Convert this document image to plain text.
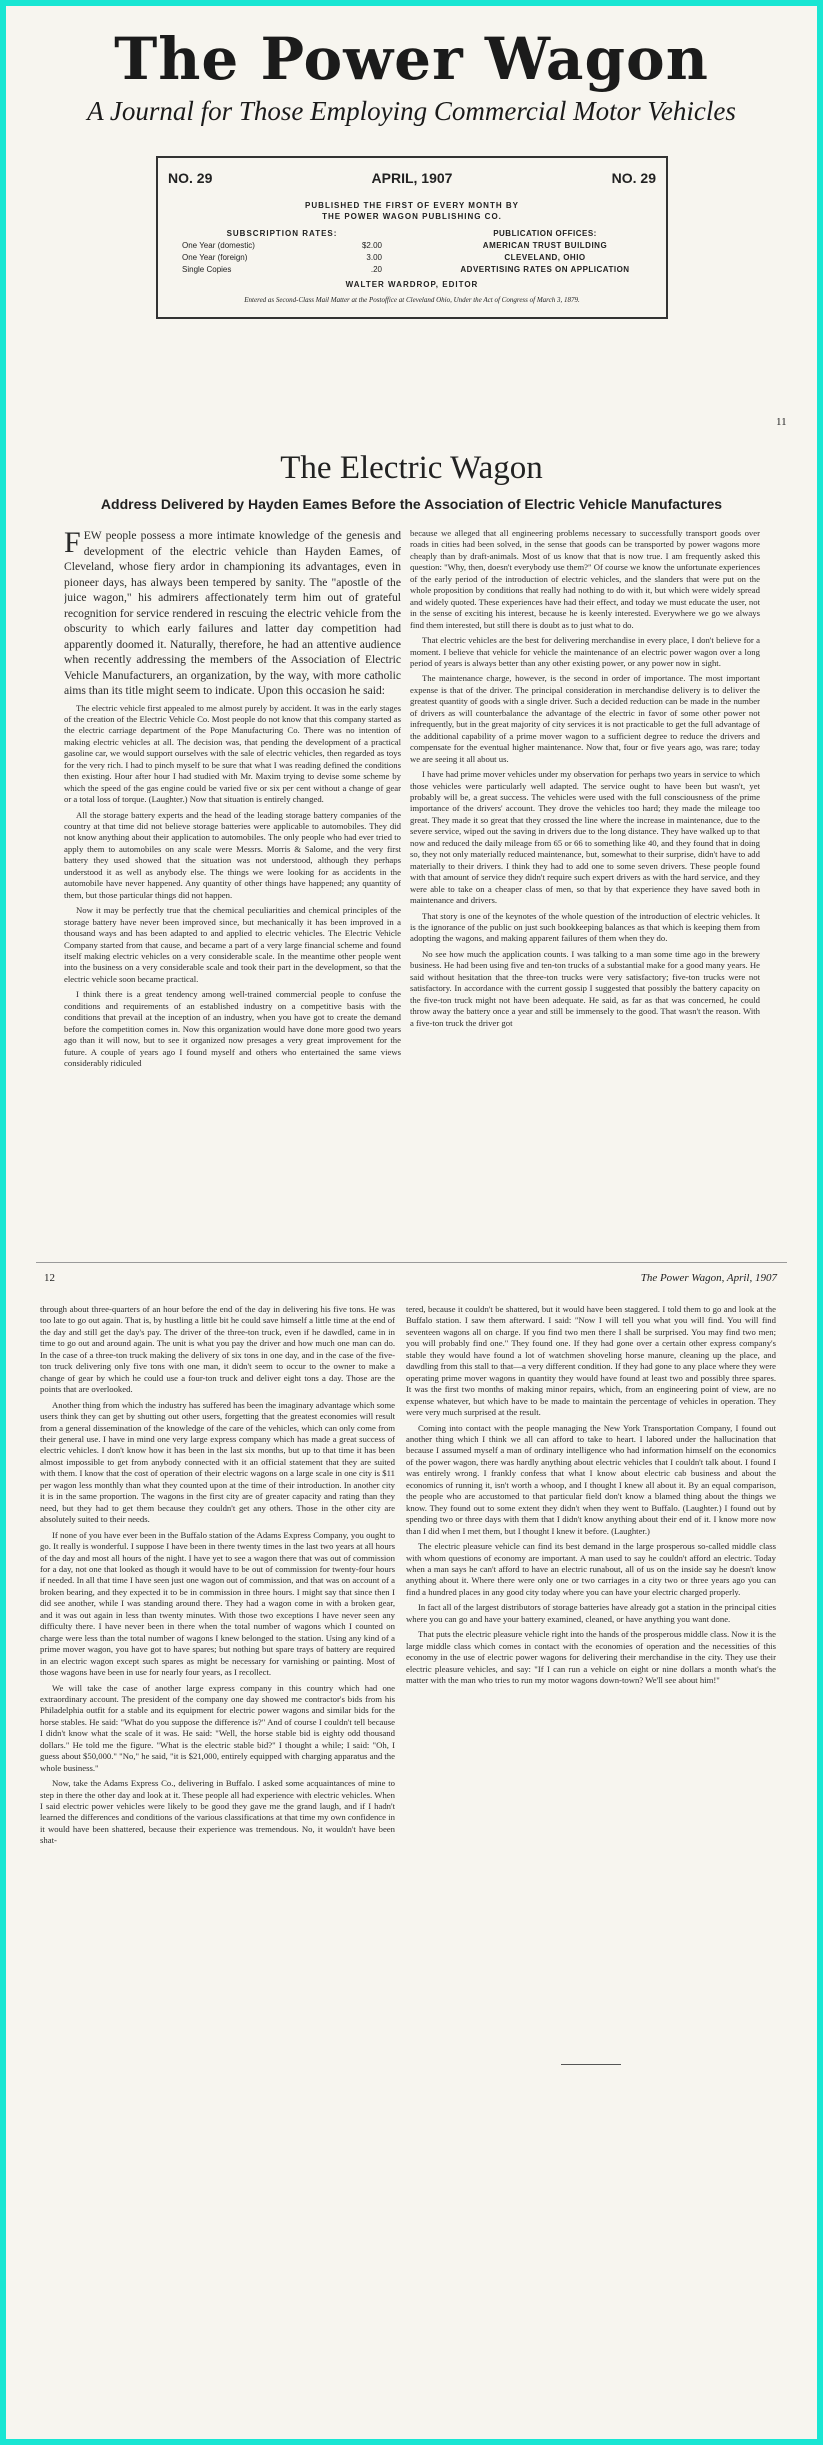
The Power Wagon
A Journal for Those Employing Commercial Motor Vehicles
NO. 29	APRIL, 1907	NO. 29
PUBLISHED THE FIRST OF EVERY MONTH BY
THE POWER WAGON PUBLISHING CO.
SUBSCRIPTION RATES:
One Year (domestic)	$2.00
One Year (foreign)	3.00
Single Copies	.20
PUBLICATION OFFICES:
AMERICAN TRUST BUILDING
CLEVELAND, OHIO
ADVERTISING RATES ON APPLICATION
WALTER WARDROP, EDITOR
Entered as Second-Class Mail Matter at the Postoffice at Cleveland Ohio, Under the Act of Congress of March 3, 1879.
11
The Electric Wagon
Address Delivered by Hayden Eames Before the Association of Electric Vehicle Manufactures

FEW people possess a more intimate knowledge of the genesis and development of the electric vehicle than Hayden Eames, of Cleveland, whose fiery ardor in championing its advantages, even in pioneer days, has always been tempered by sanity. The "apostle of the juice wagon," his admirers affectionately term him out of grateful recognition for service rendered in rescuing the electric vehicle from the obscurity to which early failures and latter day competition had apparently doomed it. Naturally, therefore, he had an attentive audience when recently addressing the members of the Association of Electric Vehicle Manufacturers, an organization, by the way, with more catholic aims than its title might seem to indicate. Upon this occasion he said:

The electric vehicle first appealed to me almost purely by accident. It was in the early stages of the creation of the Electric Vehicle Co. Most people do not know that this company started as the electric carriage department of the Pope Manufacturing Co. There was no intention of making electric vehicles at all. The decision was, that pending the development of a practical gasoline car, we would support ourselves with the sale of electric vehicles, then regarded as toys for the very rich. I had to pinch myself to be sure that what I was reading defined the conditions then existing. Hour after hour I had studied with Mr. Maxim trying to devise some scheme by which the speed of the gas engine could be varied five or six per cent without a change of gear or a total loss of torque. (Laughter.) Now that situation is entirely changed.

All the storage battery experts and the head of the leading storage battery companies of the country at that time did not believe storage batteries were applicable to automobiles. They did not know anything about their application to automobiles. The only people who had ever tried to apply them to automobiles on any scale were Messrs. Morris & Salome, and the very first battery they used showed that the situation was not understood, although they perhaps understood it as well as anybody else. The things we were looking for as accidents in the automobile have never happened. Any quantity of other things have happened; any quantity of them, but those particular things did not happen.

Now it may be perfectly true that the chemical peculiarities and chemical principles of the storage battery have never been improved since, but mechanically it has been improved in a thousand ways and has been adapted to and applied to electric vehicles. The Electric Vehicle Company started from that cause, and became a part of a very large financial scheme and found itself making electric vehicles on a very considerable scale. In the meantime other people went into the business on a very considerable scale and took their part in the development, so that the electric vehicle soon became practical.

I think there is a great tendency among well-trained commercial people to confuse the conditions and requirements of an established industry on a competitive basis with the conditions that prevail at the inception of an industry, when you have got to create the demand before the competition comes in. Now this organization would have done more good two years ago than it will now, but to see it organized now presages a very great improvement for the future. A couple of years ago I found myself and others who entertained the same views considerably ridiculed

because we alleged that all engineering problems necessary to successfully transport goods over roads in cities had been solved, in the sense that goods can be transported by power wagons more cheaply than by draft-animals. Most of us know that that is now true. I am frequently asked this question: "Why, then, doesn't everybody use them?" Of course we know the unfortunate experiences of the early period of the introduction of electric vehicles, and the slanders that were put on the whole proposition by conditions that really had nothing to do with it, but which were widely spread and widely quoted. These experiences have had their effect, and today we must educate the user, not in the sense of exciting his interest, because he is keenly interested. Everywhere we go we always find them interested, but still there is doubt as to just what to do.

That electric vehicles are the best for delivering merchandise in every place, I don't believe for a moment. I believe that vehicle for vehicle the maintenance of an electric power wagon over a long period of years is always better than any other existing power, or any power now in sight.

The maintenance charge, however, is the second in order of importance. The most important expense is that of the driver. The principal consideration in merchandise delivery is to deliver the greatest quantity of goods with a single driver. Such a decided reduction can be made in the number of drivers as will counterbalance the advantage of the electric in favor of some other power not infrequently, but in the great majority of city services it is not practicable to get the full advantage of the additional capability of a prime mover wagon to a sufficient degree to reduce the drivers and compensate for the eventual higher maintenance. Now that, four or five years ago, was rare; today we are seeing it all about us.

I have had prime mover vehicles under my observation for perhaps two years in service to which those vehicles were particularly well adapted. The service ought to have been but wasn't, yet probably will be, a great success. The vehicles were used with the full consciousness of the prime importance of the drivers' account. They drove the vehicles too hard; they made the mileage too great. They made it so great that they crossed the line where the increase in maintenance, due to the severe service, wiped out the saving in drivers due to the long distance. They have walked up to that now and reduced the daily mileage from 65 or 66 to something like 40, and they found that in doing so, they not only materially reduced maintenance, but, somewhat to their surprise, didn't have to add materially to their drivers. I think they had to add one to some seven drivers. These people found with that amount of service they didn't require such expert drivers as with the hard service, and they were able to take on a cheaper class of men, so that by that experience they have saved both in maintenance and drivers.

That story is one of the keynotes of the whole question of the introduction of electric vehicles. It is the ignorance of the public on just such bookkeeping balances as that which is keeping them from adopting the wagons, and making apparent failures of them when they do.

No see how much the application counts. I was talking to a man some time ago in the brewery business. He had been using five and ten-ton trucks of a substantial make for a good many years. He said without hesitation that the three-ton trucks were very satisfactory; five-ton trucks were not satisfactory. In accordance with the current gossip I suggested that possibly the battery capacity on the five-ton truck might not have been adequate. He said, as far as that was concerned, he could throw away the battery once a year and still be immensely to the good. That wasn't the reason. With a five-ton truck the driver got

12	The Power Wagon, April, 1907

through about three-quarters of an hour before the end of the day in delivering his five tons. He was too late to go out again. That is, by hustling a little bit he could save himself a little time at the end of the day and still get the day's pay. The driver of the three-ton truck, even if he dawdled, came in in time to go out and around again. The unit is what you pay the driver and how much one man can do. In the case of a three-ton truck making the delivery of six tons in one day, and in the case of the five-ton truck delivering only five tons with one man, it didn't seem to occur to the owner to make a change of gear by which he could use a four-ton truck and deliver eight tons a day. Those are the points that are overlooked.

Another thing from which the industry has suffered has been the imaginary advantage which some users think they can get by shutting out other users, forgetting that the greatest economies will result from a general dissemination of the knowledge of the care of the vehicles, which can only come from their general use. I have in mind one very large express company which has made a great success of electric vehicles. I don't know how it has been in the last six months, but up to that time it has been almost impossible to get from anybody connected with it an official statement that they are suited with them. I know that the cost of operation of their electric wagons on a large scale in one city is $11 per wagon less monthly than what they counted upon at the time of their introduction. In another city it is in the same proportion. The wagons in the first city are of greater capacity and rating than they need, but they had to get them because they couldn't get any others. Those in the other city are absolutely suited to their needs.

If none of you have ever been in the Buffalo station of the Adams Express Company, you ought to go. It really is wonderful. I suppose I have been in there twenty times in the last two years at all hours of the day and most all hours of the night. I have yet to see a wagon there that was out of commission for a day, not one that looked as though it would have to be out of commission for twenty-four hours if needed. In all that time I have seen just one wagon out of commission, and that was on account of a broken bearing, and they expected it to be in commission in three hours. I might say that since then I did see another, while I was standing around there. They had a wagon come in with a broken gear, and it was out again in less than twenty minutes. With those two exceptions I have never seen any difficulty there. I have never been in there when the total number of wagons which I counted on charge were less than the total number of wagons I knew belonged to the station. Using any kind of a prime mover wagon, you have got to have spares; but nothing but spare trays of battery are required in an electric wagon except such spares as might be necessary for varnishing or painting. Most of those wagons have been in use for nearly four years, as I recollect.

We will take the case of another large express company in this country which had one extraordinary account. The president of the company one day showed me contractor's bids from his Philadelphia outfit for a stable and its equipment for electric power wagons and similar bids for the horse stables. He said: "What do you suppose the difference is?" And of course I couldn't tell because I didn't know what the scale of it was. He said: "Well, the horse stable bid is eighty odd thousand dollars." He told me the figure. "What is the electric stable bid?" I thought a while; I said: "Oh, I guess about $50,000." "No," he said, "it is $21,000, entirely equipped with charging apparatus and the whole business."

Now, take the Adams Express Co., delivering in Buffalo. I asked some acquaintances of mine to step in there the other day and look at it. These people all had experience with electric vehicles. When I said electric power vehicles were likely to be good they gave me the grand laugh, and if I hadn't learned the differences and conditions of the various classifications at that time my own confidence in it would have been shattered, because their experience was tremendous. No, it wouldn't have been shat-

tered, because it couldn't be shattered, but it would have been staggered. I told them to go and look at the Buffalo station. I saw them afterward. I said: "Now I will tell you what you will find. You will find seventeen wagons all on charge. If you find two men there I shall be surprised. You may find two men; you will probably find one." They found one. If they had gone over a certain other express company's stable they would have found a lot of watchmen shoveling horse manure, cleaning up the place, and dawdling from this stall to that—a very different condition. If they had gone to any place where they were operating prime mover wagons in quantity they would have found at least two and possibly three spares. It was the first two months of making minor repairs, which, from an engineering point of view, are no expense whatever, but which have to be made to maintain the percentage of vehicles in operation. They were very much surprised at the result.

Coming into contact with the people managing the New York Transportation Company, I found out another thing which I think we all can afford to take to heart. I labored under the hallucination that because I assumed myself a man of ordinary intelligence who had information himself on the economics of the power wagon, there was hardly anything about electric vehicles that I couldn't talk about. I found I was entirely wrong. I frankly confess that what I know about electric cab business and about the economics of running it, isn't worth a whoop, and I thought I knew all about it. By an equal comparison, the people who are accustomed to that particular field don't know a blamed thing about the things we know. They found out to some extent they didn't when they went to Buffalo. (Laughter.) I found out by spending two or three days with them that I didn't know anything about their end of it. I know more now than I did when I met them, but I thought I knew it before. (Laughter.)

The electric pleasure vehicle can find its best demand in the large prosperous so-called middle class with whom questions of economy are important. A man used to say he couldn't afford an electric. Today when a man says he can't afford to have an electric runabout, all of us on the inside say he doesn't know anything about it. Where there were only one or two carriages in a city two or three years ago you can find a hundred places in any good city today where you can have your electric charged properly.

In fact all of the largest distributors of storage batteries have already got a station in the principal cities where you can go and have your battery examined, cleaned, or have anything you want done.

That puts the electric pleasure vehicle right into the hands of the prosperous middle class. Now it is the large middle class which comes in contact with the economies of operation and the necessities of this economy in the use of electric power wagons for delivering their merchandise in the city. They use their electric pleasure vehicles, and say: "If I can run a vehicle on eight or nine dollars a month what's the matter with the man who tries to run my motor wagons down-town? We'll see about him!"
